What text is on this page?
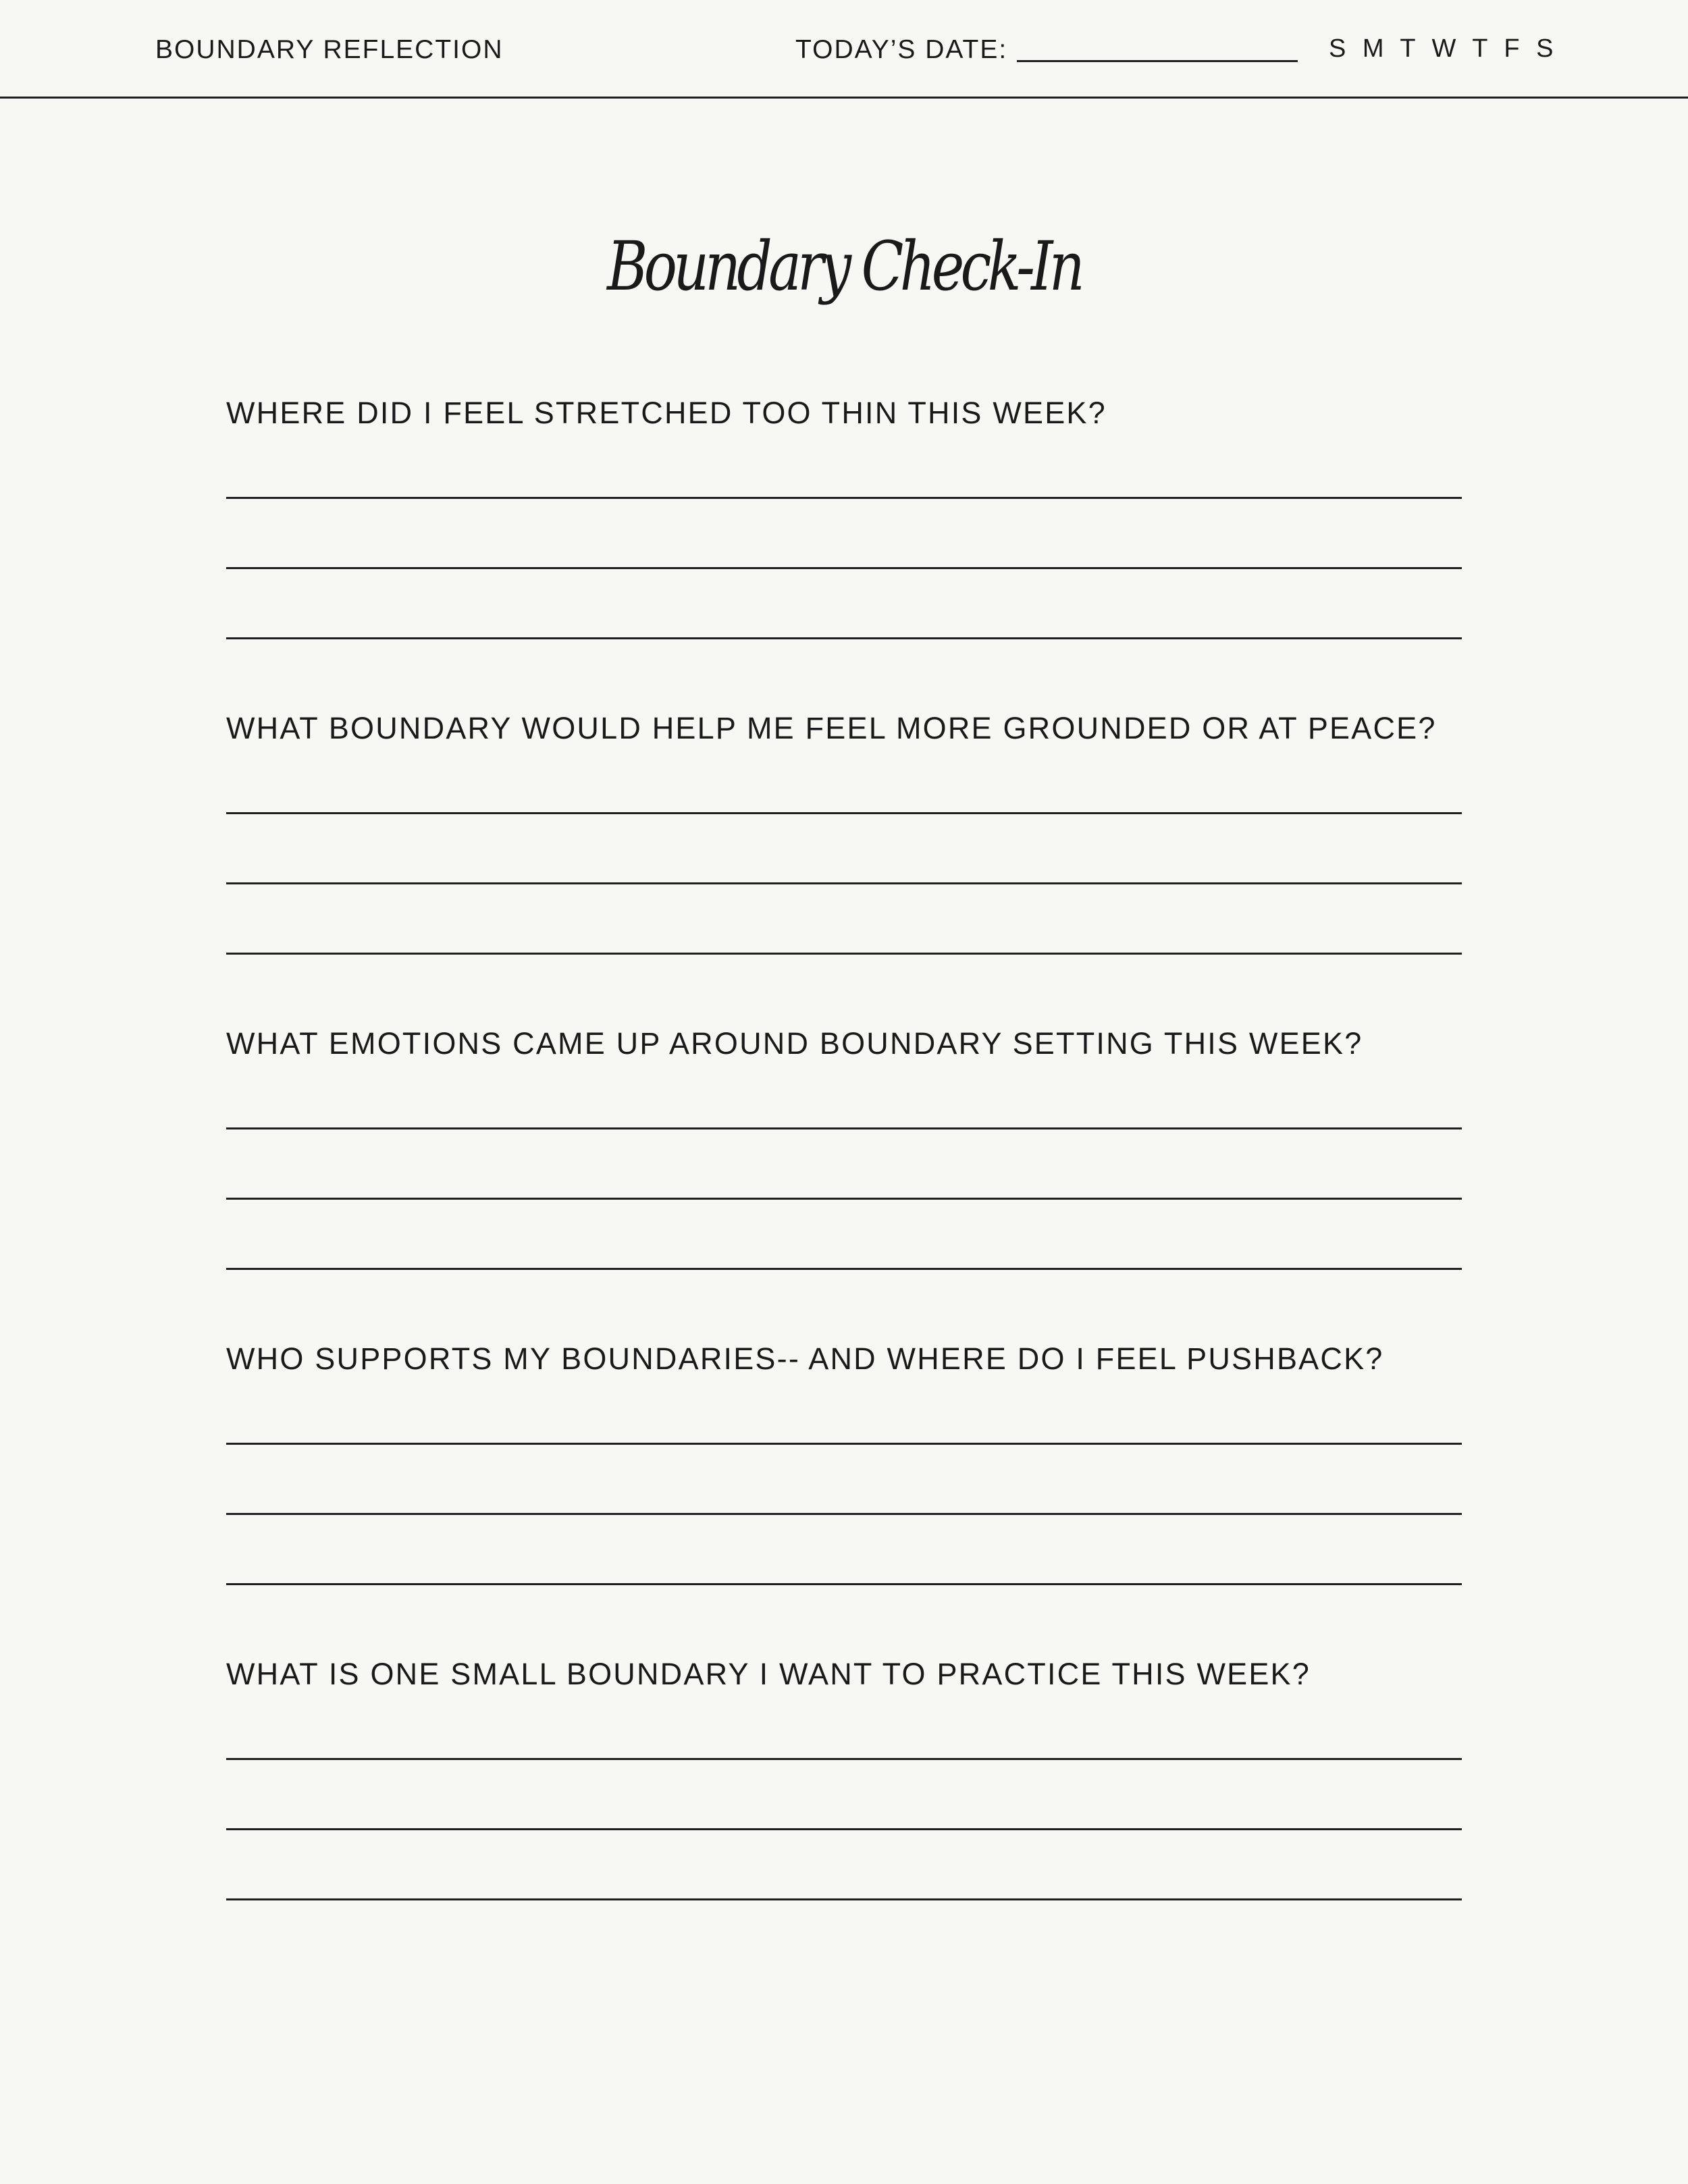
BOUNDARY REFLECTION	TODAY’S DATE:	S M T W T F S
Boundary Check-In
WHERE DID I FEEL STRETCHED TOO THIN THIS WEEK?
WHAT BOUNDARY WOULD HELP ME FEEL MORE GROUNDED OR AT PEACE?
WHAT EMOTIONS CAME UP AROUND BOUNDARY SETTING THIS WEEK?
WHO SUPPORTS MY BOUNDARIES-- AND WHERE DO I FEEL PUSHBACK?
WHAT IS ONE SMALL BOUNDARY I WANT TO PRACTICE THIS WEEK?
